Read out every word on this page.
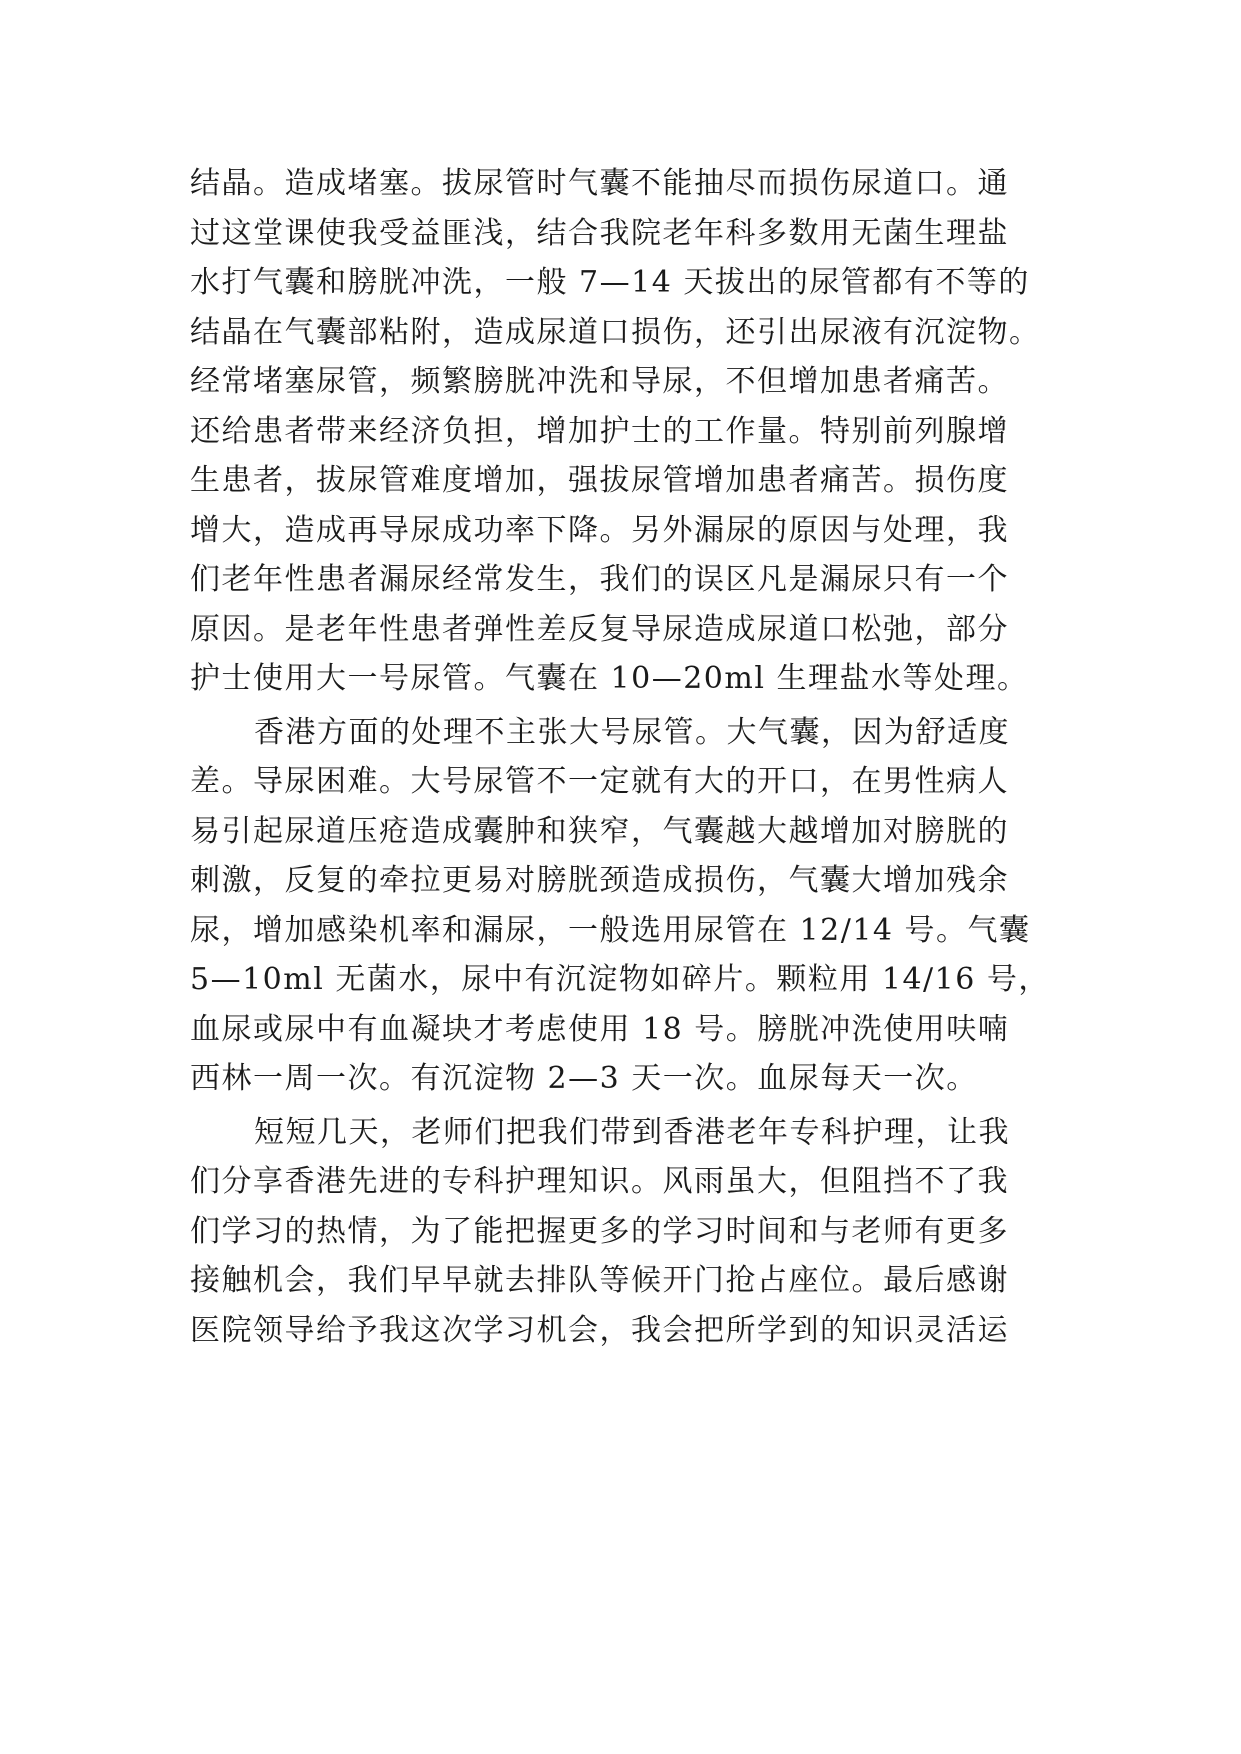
结晶。造成堵塞。拔尿管时气囊不能抽尽而损伤尿道口。通
过这堂课使我受益匪浅，结合我院老年科多数用无菌生理盐
水打气囊和膀胱冲洗，一般 7—14 天拔出的尿管都有不等的
结晶在气囊部粘附，造成尿道口损伤，还引出尿液有沉淀物。
经常堵塞尿管，频繁膀胱冲洗和导尿，不但增加患者痛苦。
还给患者带来经济负担，增加护士的工作量。特别前列腺增
生患者，拔尿管难度增加，强拔尿管增加患者痛苦。损伤度
增大，造成再导尿成功率下降。另外漏尿的原因与处理，我
们老年性患者漏尿经常发生，我们的误区凡是漏尿只有一个
原因。是老年性患者弹性差反复导尿造成尿道口松弛，部分
护士使用大一号尿管。气囊在 10—20ml 生理盐水等处理。
香港方面的处理不主张大号尿管。大气囊，因为舒适度
差。导尿困难。大号尿管不一定就有大的开口，在男性病人
易引起尿道压疮造成囊肿和狭窄，气囊越大越增加对膀胱的
刺激，反复的牵拉更易对膀胱颈造成损伤，气囊大增加残余
尿，增加感染机率和漏尿，一般选用尿管在 12/14 号。气囊
5—10ml 无菌水，尿中有沉淀物如碎片。颗粒用 14/16 号，
血尿或尿中有血凝块才考虑使用 18 号。膀胱冲洗使用呋喃
西林一周一次。有沉淀物 2—3 天一次。血尿每天一次。
短短几天，老师们把我们带到香港老年专科护理，让我
们分享香港先进的专科护理知识。风雨虽大，但阻挡不了我
们学习的热情，为了能把握更多的学习时间和与老师有更多
接触机会，我们早早就去排队等候开门抢占座位。最后感谢
医院领导给予我这次学习机会，我会把所学到的知识灵活运
